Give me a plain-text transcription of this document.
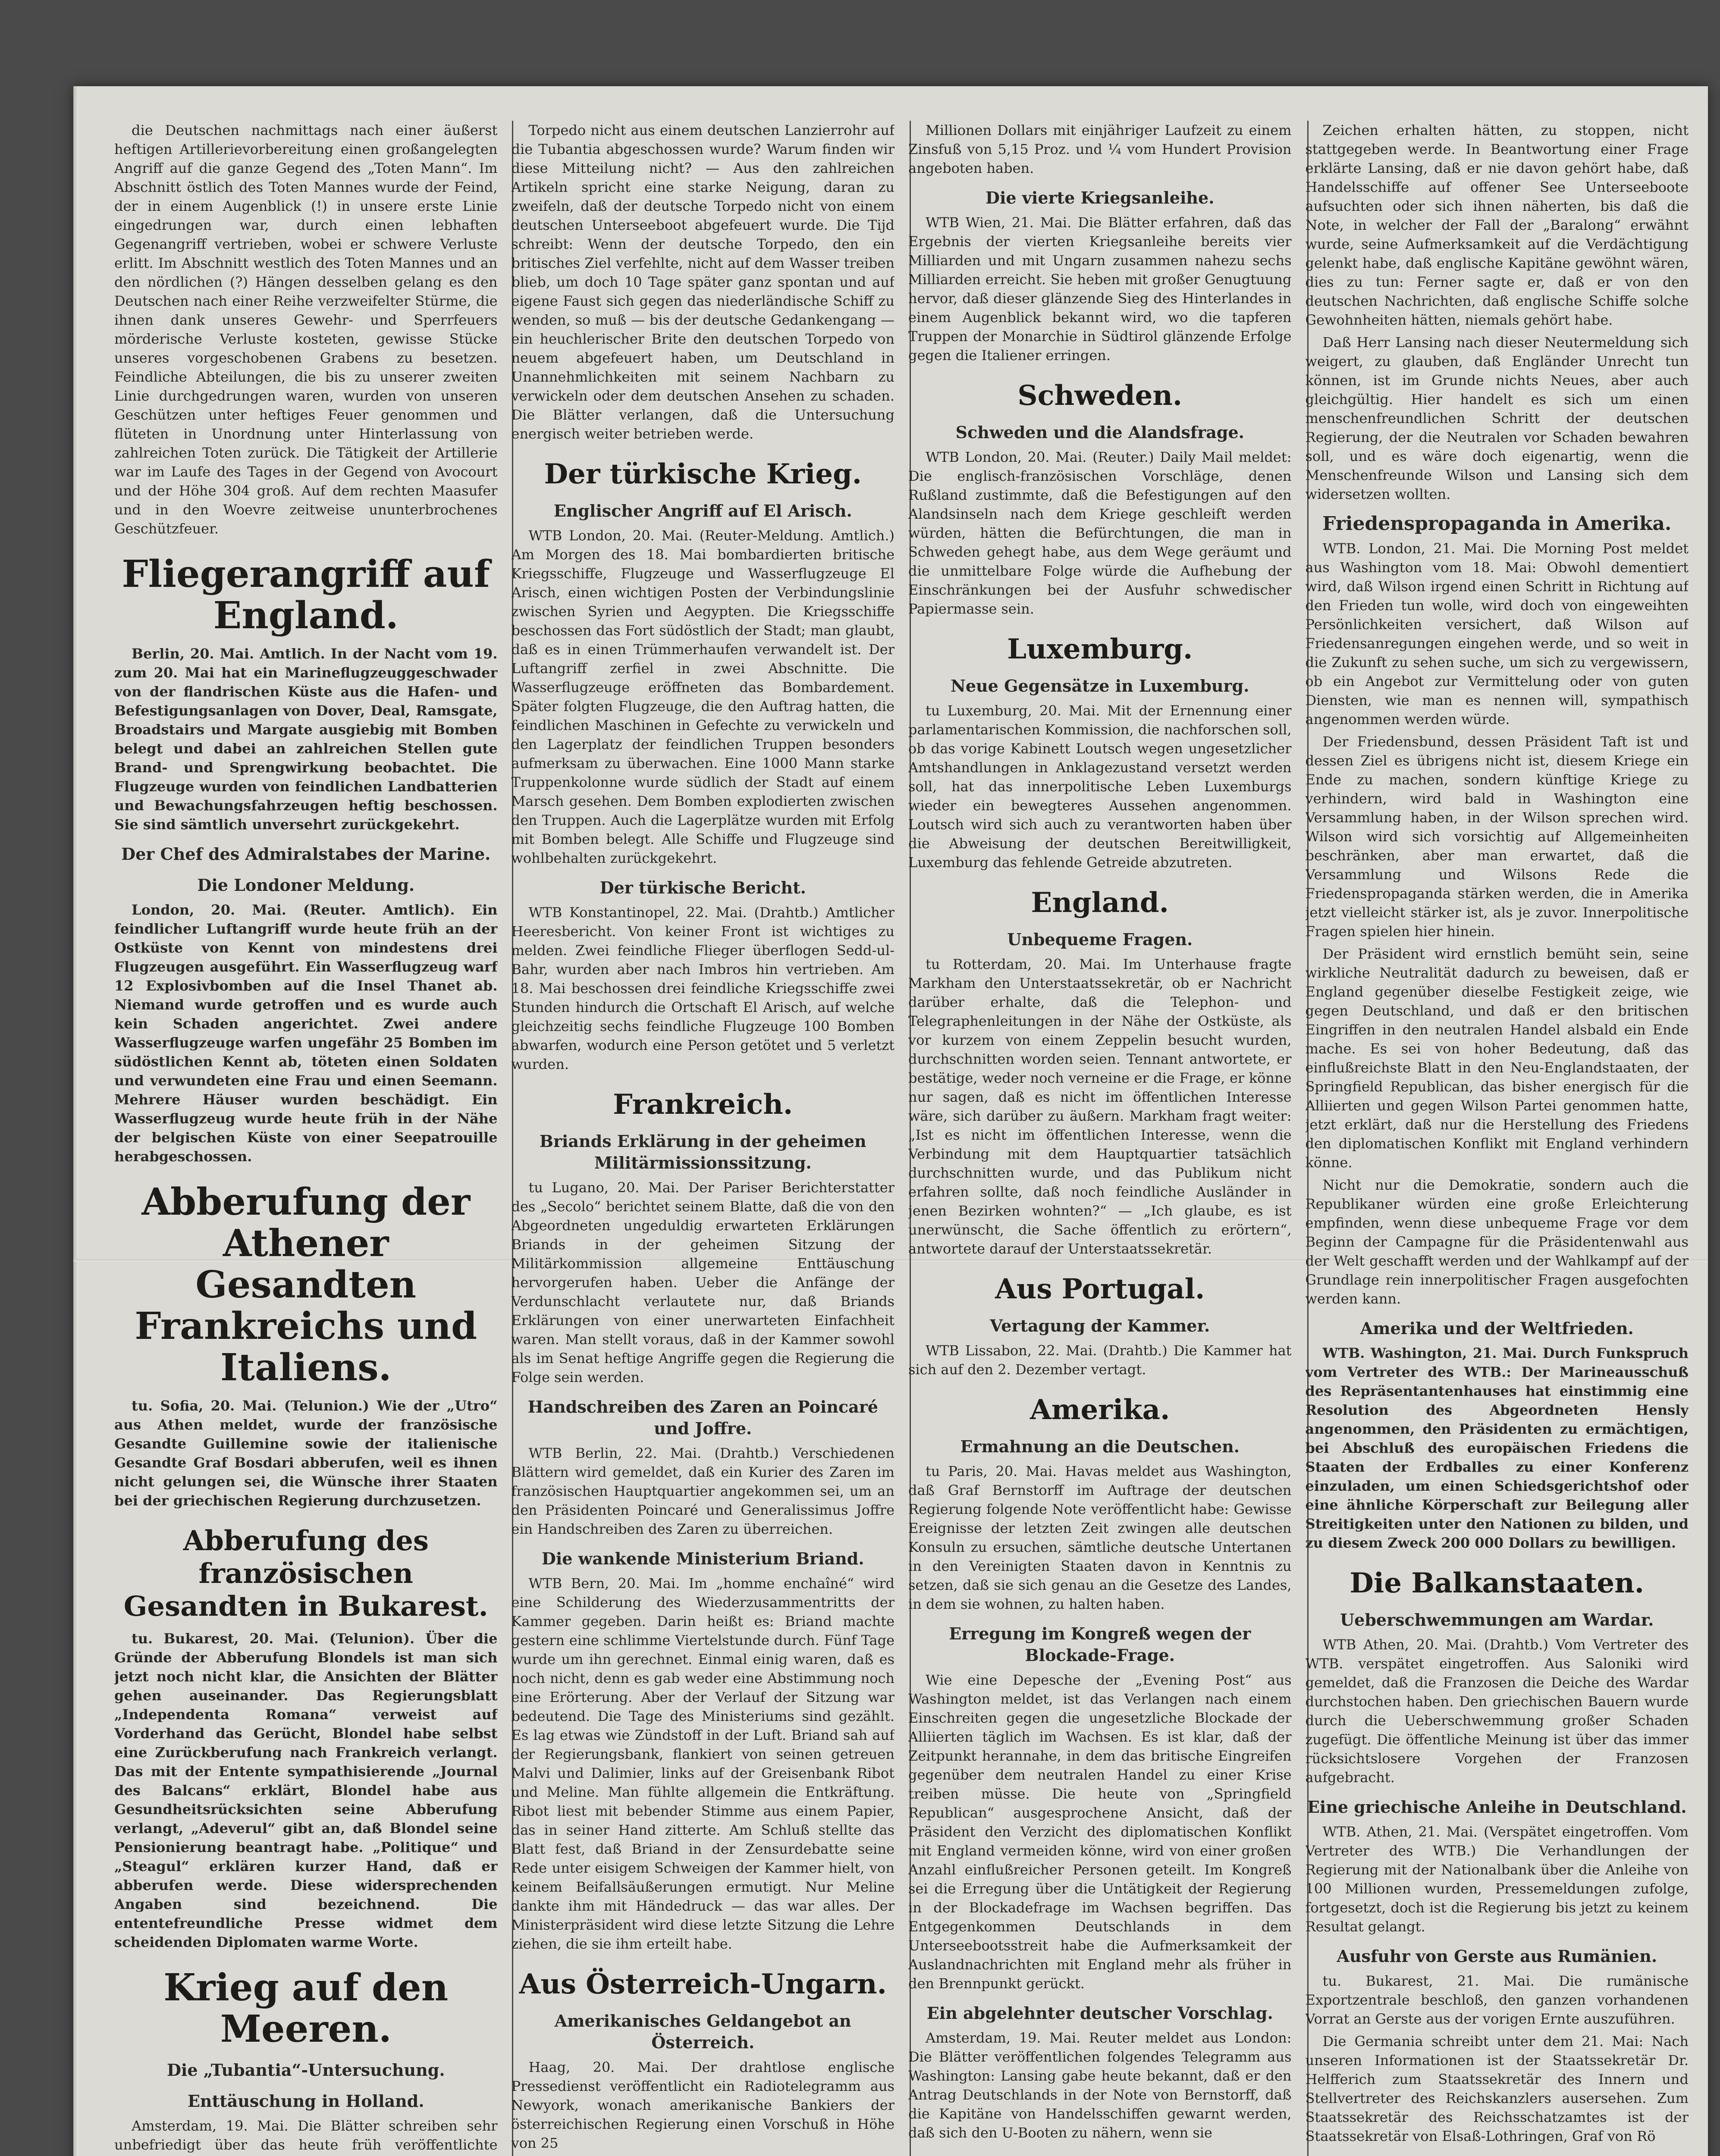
die Deutschen nachmittags nach einer äußerst heftigen Artillerievorbereitung einen großangelegten Angriff auf die ganze Gegend des „Toten Mann“. Im Abschnitt östlich des Toten Mannes wurde der Feind, der in einem Augenblick (!) in unsere erste Linie eingedrungen war, durch einen lebhaften Gegenangriff vertrieben, wobei er schwere Verluste erlitt. Im Abschnitt westlich des Toten Mannes und an den nördlichen (?) Hängen desselben gelang es den Deutschen nach einer Reihe verzweifelter Stürme, die ihnen dank unseres Gewehr- und Sperrfeuers mörderische Verluste kosteten, gewisse Stücke unseres vorgeschobenen Grabens zu besetzen. Feindliche Abteilungen, die bis zu unserer zweiten Linie durchgedrungen waren, wurden von unseren Geschützen unter heftiges Feuer genommen und flüteten in Unordnung unter Hinterlassung von zahlreichen Toten zurück. Die Tätigkeit der Artillerie war im Laufe des Tages in der Gegend von Avocourt und der Höhe 304 groß. Auf dem rechten Maasufer und in den Woevre zeitweise ununterbrochenes Geschützfeuer.

Fliegerangriff auf England.

Berlin, 20. Mai. Amtlich. In der Nacht vom 19. zum 20. Mai hat ein Marineflugzeuggeschwader von der flandrischen Küste aus die Hafen- und Befestigungsanlagen von Dover, Deal, Ramsgate, Broadstairs und Margate ausgiebig mit Bomben belegt und dabei an zahlreichen Stellen gute Brand- und Sprengwirkung beobachtet. Die Flugzeuge wurden von feindlichen Landbatterien und Bewachungsfahrzeugen heftig beschossen. Sie sind sämtlich unversehrt zurückgekehrt.

Der Chef des Admiralstabes der Marine.
Die Londoner Meldung.

London, 20. Mai. (Reuter. Amtlich). Ein feindlicher Luftangriff wurde heute früh an der Ostküste von Kennt von mindestens drei Flugzeugen ausgeführt. Ein Wasserflugzeug warf 12 Explosivbomben auf die Insel Thanet ab. Niemand wurde getroffen und es wurde auch kein Schaden angerichtet. Zwei andere Wasserflugzeuge warfen ungefähr 25 Bomben im südöstlichen Kennt ab, töteten einen Soldaten und verwundeten eine Frau und einen Seemann. Mehrere Häuser wurden beschädigt. Ein Wasserflugzeug wurde heute früh in der Nähe der belgischen Küste von einer Seepatrouille herabgeschossen.

Abberufung der Athener Gesandten Frankreichs und Italiens.

tu. Sofia, 20. Mai. (Telunion.) Wie der „Utro“ aus Athen meldet, wurde der französische Gesandte Guillemine sowie der italienische Gesandte Graf Bosdari abberufen, weil es ihnen nicht gelungen sei, die Wünsche ihrer Staaten bei der griechischen Regierung durchzusetzen.

Abberufung des französischen Gesandten in Bukarest.

tu. Bukarest, 20. Mai. (Telunion). Über die Gründe der Abberufung Blondels ist man sich jetzt noch nicht klar, die Ansichten der Blätter gehen auseinander. Das Regierungsblatt „Independenta Romana“ verweist auf Vorderhand das Gerücht, Blondel habe selbst eine Zurückberufung nach Frankreich verlangt. Das mit der Entente sympathisierende „Journal des Balcans“ erklärt, Blondel habe aus Gesundheitsrücksichten seine Abberufung verlangt, „Adeverul“ gibt an, daß Blondel seine Pensionierung beantragt habe. „Politique“ und „Steagul“ erklären kurzer Hand, daß er abberufen werde. Diese widersprechenden Angaben sind bezeichnend. Die ententefreundliche Presse widmet dem scheidenden Diplomaten warme Worte.

Krieg auf den Meeren.
Die „Tubantia“-Untersuchung.
Enttäuschung in Holland.

Amsterdam, 19. Mai. Die Blätter schreiben sehr unbefriedigt über das heute früh veröffentlichte

Torpedo nicht aus einem deutschen Lanzierrohr auf die Tubantia abgeschossen wurde? Warum finden wir diese Mitteilung nicht? — Aus den zahlreichen Artikeln spricht eine starke Neigung, daran zu zweifeln, daß der deutsche Torpedo nicht von einem deutschen Unterseeboot abgefeuert wurde. Die Tijd schreibt: Wenn der deutsche Torpedo, den ein britisches Ziel verfehlte, nicht auf dem Wasser treiben blieb, um doch 10 Tage später ganz spontan und auf eigene Faust sich gegen das niederländische Schiff zu wenden, so muß — bis der deutsche Gedankengang — ein heuchlerischer Brite den deutschen Torpedo von neuem abgefeuert haben, um Deutschland in Unannehmlichkeiten mit seinem Nachbarn zu verwickeln oder dem deutschen Ansehen zu schaden. Die Blätter verlangen, daß die Untersuchung energisch weiter betrieben werde.

Der türkische Krieg.
Englischer Angriff auf El Arisch.

WTB London, 20. Mai. (Reuter-Meldung. Amtlich.) Am Morgen des 18. Mai bombardierten britische Kriegsschiffe, Flugzeuge und Wasserflugzeuge El Arisch, einen wichtigen Posten der Verbindungslinie zwischen Syrien und Aegypten. Die Kriegsschiffe beschossen das Fort südöstlich der Stadt; man glaubt, daß es in einen Trümmerhaufen verwandelt ist. Der Luftangriff zerfiel in zwei Abschnitte. Die Wasserflugzeuge eröffneten das Bombardement. Später folgten Flugzeuge, die den Auftrag hatten, die feindlichen Maschinen in Gefechte zu verwickeln und den Lagerplatz der feindlichen Truppen besonders aufmerksam zu überwachen. Eine 1000 Mann starke Truppenkolonne wurde südlich der Stadt auf einem Marsch gesehen. Dem Bomben explodierten zwischen den Truppen. Auch die Lagerplätze wurden mit Erfolg mit Bomben belegt. Alle Schiffe und Flugzeuge sind wohlbehalten zurückgekehrt.

Der türkische Bericht.

WTB Konstantinopel, 22. Mai. (Drahtb.) Amtlicher Heeresbericht. Von keiner Front ist wichtiges zu melden. Zwei feindliche Flieger überflogen Sedd-ul-Bahr, wurden aber nach Imbros hin vertrieben. Am 18. Mai beschossen drei feindliche Kriegsschiffe zwei Stunden hindurch die Ortschaft El Arisch, auf welche gleichzeitig sechs feindliche Flugzeuge 100 Bomben abwarfen, wodurch eine Person getötet und 5 verletzt wurden.

Frankreich.
Briands Erklärung in der geheimen Militärmissionssitzung.

tu Lugano, 20. Mai. Der Pariser Berichterstatter des „Secolo“ berichtet seinem Blatte, daß die von den Abgeordneten ungeduldig erwarteten Erklärungen Briands in der geheimen Sitzung der Militärkommission allgemeine Enttäuschung hervorgerufen haben. Ueber die Anfänge der Verdunschlacht verlautete nur, daß Briands Erklärungen von einer unerwarteten Einfachheit waren. Man stellt voraus, daß in der Kammer sowohl als im Senat heftige Angriffe gegen die Regierung die Folge sein werden.

Handschreiben des Zaren an Poincaré und Joffre.

WTB Berlin, 22. Mai. (Drahtb.) Verschiedenen Blättern wird gemeldet, daß ein Kurier des Zaren im französischen Hauptquartier angekommen sei, um an den Präsidenten Poincaré und Generalissimus Joffre ein Handschreiben des Zaren zu überreichen.

Die wankende Ministerium Briand.

WTB Bern, 20. Mai. Im „homme enchaîné“ wird eine Schilderung des Wiederzusammentritts der Kammer gegeben. Darin heißt es: Briand machte gestern eine schlimme Viertelstunde durch. Fünf Tage wurde um ihn gerechnet. Einmal einig waren, daß es noch nicht, denn es gab weder eine Abstimmung noch eine Erörterung. Aber der Verlauf der Sitzung war bedeutend. Die Tage des Ministeriums sind gezählt. Es lag etwas wie Zündstoff in der Luft. Briand sah auf der Regierungsbank, flankiert von seinen getreuen Malvi und Dalimier, links auf der Greisenbank Ribot und Meline. Man fühlte allgemein die Entkräftung. Ribot liest mit bebender Stimme aus einem Papier, das in seiner Hand zitterte. Am Schluß stellte das Blatt fest, daß Briand in der Zensurdebatte seine Rede unter eisigem Schweigen der Kammer hielt, von keinem Beifallsäußerungen ermutigt. Nur Meline dankte ihm mit Händedruck — das war alles. Der Ministerpräsident wird diese letzte Sitzung die Lehre ziehen, die sie ihm erteilt habe.

Aus Österreich-Ungarn.
Amerikanisches Geldangebot an Österreich.

Haag, 20. Mai. Der drahtlose englische Pressedienst veröffentlicht ein Radiotelegramm aus Newyork, wonach amerikanische Bankiers der österreichischen Regierung einen Vorschuß in Höhe von 25

Millionen Dollars mit einjähriger Laufzeit zu einem Zinsfuß von 5,15 Proz. und ¼ vom Hundert Provision angeboten haben.

Die vierte Kriegsanleihe.

WTB Wien, 21. Mai. Die Blätter erfahren, daß das Ergebnis der vierten Kriegsanleihe bereits vier Milliarden und mit Ungarn zusammen nahezu sechs Milliarden erreicht. Sie heben mit großer Genugtuung hervor, daß dieser glänzende Sieg des Hinterlandes in einem Augenblick bekannt wird, wo die tapferen Truppen der Monarchie in Südtirol glänzende Erfolge gegen die Italiener erringen.

Schweden.
Schweden und die Alandsfrage.

WTB London, 20. Mai. (Reuter.) Daily Mail meldet: Die englisch-französischen Vorschläge, denen Rußland zustimmte, daß die Befestigungen auf den Alandsinseln nach dem Kriege geschleift werden würden, hätten die Befürchtungen, die man in Schweden gehegt habe, aus dem Wege geräumt und die unmittelbare Folge würde die Aufhebung der Einschränkungen bei der Ausfuhr schwedischer Papiermasse sein.

Luxemburg.
Neue Gegensätze in Luxemburg.

tu Luxemburg, 20. Mai. Mit der Ernennung einer parlamentarischen Kommission, die nachforschen soll, ob das vorige Kabinett Loutsch wegen ungesetzlicher Amtshandlungen in Anklagezustand versetzt werden soll, hat das innerpolitische Leben Luxemburgs wieder ein bewegteres Aussehen angenommen. Loutsch wird sich auch zu verantworten haben über die Abweisung der deutschen Bereitwilligkeit, Luxemburg das fehlende Getreide abzutreten.

England.
Unbequeme Fragen.

tu Rotterdam, 20. Mai. Im Unterhause fragte Markham den Unterstaatssekretär, ob er Nachricht darüber erhalte, daß die Telephon- und Telegraphenleitungen in der Nähe der Ostküste, als vor kurzem von einem Zeppelin besucht wurden, durchschnitten worden seien. Tennant antwortete, er bestätige, weder noch verneine er die Frage, er könne nur sagen, daß es nicht im öffentlichen Interesse wäre, sich darüber zu äußern. Markham fragt weiter: „Ist es nicht im öffentlichen Interesse, wenn die Verbindung mit dem Hauptquartier tatsächlich durchschnitten wurde, und das Publikum nicht erfahren sollte, daß noch feindliche Ausländer in jenen Bezirken wohnten?“ — „Ich glaube, es ist unerwünscht, die Sache öffentlich zu erörtern“, antwortete darauf der Unterstaatssekretär.

Aus Portugal.
Vertagung der Kammer.

WTB Lissabon, 22. Mai. (Drahtb.) Die Kammer hat sich auf den 2. Dezember vertagt.

Amerika.
Ermahnung an die Deutschen.

tu Paris, 20. Mai. Havas meldet aus Washington, daß Graf Bernstorff im Auftrage der deutschen Regierung folgende Note veröffentlicht habe: Gewisse Ereignisse der letzten Zeit zwingen alle deutschen Konsuln zu ersuchen, sämtliche deutsche Untertanen in den Vereinigten Staaten davon in Kenntnis zu setzen, daß sie sich genau an die Gesetze des Landes, in dem sie wohnen, zu halten haben.

Erregung im Kongreß wegen der Blockade-Frage.

Wie eine Depesche der „Evening Post“ aus Washington meldet, ist das Verlangen nach einem Einschreiten gegen die ungesetzliche Blockade der Alliierten täglich im Wachsen. Es ist klar, daß der Zeitpunkt herannahe, in dem das britische Eingreifen gegenüber dem neutralen Handel zu einer Krise treiben müsse. Die heute von „Springfield Republican“ ausgesprochene Ansicht, daß der Präsident den Verzicht des diplomatischen Konflikt mit England vermeiden könne, wird von einer großen Anzahl einflußreicher Personen geteilt. Im Kongreß sei die Erregung über die Untätigkeit der Regierung in der Blockadefrage im Wachsen begriffen. Das Entgegenkommen Deutschlands in dem Unterseebootsstreit habe die Aufmerksamkeit der Auslandnachrichten mit England mehr als früher in den Brennpunkt gerückt.

Ein abgelehnter deutscher Vorschlag.

Amsterdam, 19. Mai. Reuter meldet aus London: Die Blätter veröffentlichen folgendes Telegramm aus Washington: Lansing gabe heute bekannt, daß er den Antrag Deutschlands in der Note von Bernstorff, daß die Kapitäne von Handelsschiffen gewarnt werden, daß sich den U-Booten zu nähern, wenn sie

Zeichen erhalten hätten, zu stoppen, nicht stattgegeben werde. In Beantwortung einer Frage erklärte Lansing, daß er nie davon gehört habe, daß Handelsschiffe auf offener See Unterseeboote aufsuchten oder sich ihnen näherten, bis daß die Note, in welcher der Fall der „Baralong“ erwähnt wurde, seine Aufmerksamkeit auf die Verdächtigung gelenkt habe, daß englische Kapitäne gewöhnt wären, dies zu tun: Ferner sagte er, daß er von den deutschen Nachrichten, daß englische Schiffe solche Gewohnheiten hätten, niemals gehört habe.

Daß Herr Lansing nach dieser Neutermeldung sich weigert, zu glauben, daß Engländer Unrecht tun können, ist im Grunde nichts Neues, aber auch gleichgültig. Hier handelt es sich um einen menschenfreundlichen Schritt der deutschen Regierung, der die Neutralen vor Schaden bewahren soll, und es wäre doch eigenartig, wenn die Menschenfreunde Wilson und Lansing sich dem widersetzen wollten.

Friedenspropaganda in Amerika.

WTB. London, 21. Mai. Die Morning Post meldet aus Washington vom 18. Mai: Obwohl dementiert wird, daß Wilson irgend einen Schritt in Richtung auf den Frieden tun wolle, wird doch von eingeweihten Persönlichkeiten versichert, daß Wilson auf Friedensanregungen eingehen werde, und so weit in die Zukunft zu sehen suche, um sich zu vergewissern, ob ein Angebot zur Vermittelung oder von guten Diensten, wie man es nennen will, sympathisch angenommen werden würde.

Der Friedensbund, dessen Präsident Taft ist und dessen Ziel es übrigens nicht ist, diesem Kriege ein Ende zu machen, sondern künftige Kriege zu verhindern, wird bald in Washington eine Versammlung haben, in der Wilson sprechen wird. Wilson wird sich vorsichtig auf Allgemeinheiten beschränken, aber man erwartet, daß die Versammlung und Wilsons Rede die Friedenspropaganda stärken werden, die in Amerika jetzt vielleicht stärker ist, als je zuvor. Innerpolitische Fragen spielen hier hinein.

Der Präsident wird ernstlich bemüht sein, seine wirkliche Neutralität dadurch zu beweisen, daß er England gegenüber dieselbe Festigkeit zeige, wie gegen Deutschland, und daß er den britischen Eingriffen in den neutralen Handel alsbald ein Ende mache. Es sei von hoher Bedeutung, daß das einflußreichste Blatt in den Neu-Englandstaaten, der Springfield Republican, das bisher energisch für die Alliierten und gegen Wilson Partei genommen hatte, jetzt erklärt, daß nur die Herstellung des Friedens den diplomatischen Konflikt mit England verhindern könne.

Nicht nur die Demokratie, sondern auch die Republikaner würden eine große Erleichterung empfinden, wenn diese unbequeme Frage vor dem Beginn der Campagne für die Präsidentenwahl aus der Welt geschafft werden und der Wahlkampf auf der Grundlage rein innerpolitischer Fragen ausgefochten werden kann.

Amerika und der Weltfrieden.

WTB. Washington, 21. Mai. Durch Funkspruch vom Vertreter des WTB.: Der Marineausschuß des Repräsentantenhauses hat einstimmig eine Resolution des Abgeordneten Hensly angenommen, den Präsidenten zu ermächtigen, bei Abschluß des europäischen Friedens die Staaten der Erdballes zu einer Konferenz einzuladen, um einen Schiedsgerichtshof oder eine ähnliche Körperschaft zur Beilegung aller Streitigkeiten unter den Nationen zu bilden, und zu diesem Zweck 200 000 Dollars zu bewilligen.

Die Balkanstaaten.
Ueberschwemmungen am Wardar.

WTB Athen, 20. Mai. (Drahtb.) Vom Vertreter des WTB. verspätet eingetroffen. Aus Saloniki wird gemeldet, daß die Franzosen die Deiche des Wardar durchstochen haben. Den griechischen Bauern wurde durch die Ueberschwemmung großer Schaden zugefügt. Die öffentliche Meinung ist über das immer rücksichtslosere Vorgehen der Franzosen aufgebracht.

Eine griechische Anleihe in Deutschland.

WTB. Athen, 21. Mai. (Verspätet eingetroffen. Vom Vertreter des WTB.) Die Verhandlungen der Regierung mit der Nationalbank über die Anleihe von 100 Millionen wurden, Pressemeldungen zufolge, fortgesetzt, doch ist die Regierung bis jetzt zu keinem Resultat gelangt.

Ausfuhr von Gerste aus Rumänien.

tu. Bukarest, 21. Mai. Die rumänische Exportzentrale beschloß, den ganzen vorhandenen Vorrat an Gerste aus der vorigen Ernte auszuführen.

Die Germania schreibt unter dem 21. Mai: Nach unseren Informationen ist der Staatssekretär Dr. Helfferich zum Staatssekretär des Innern und Stellvertreter des Reichskanzlers ausersehen. Zum Staatssekretär des Reichsschatzamtes ist der Staatssekretär von Elsaß-Lothringen, Graf von Rö
